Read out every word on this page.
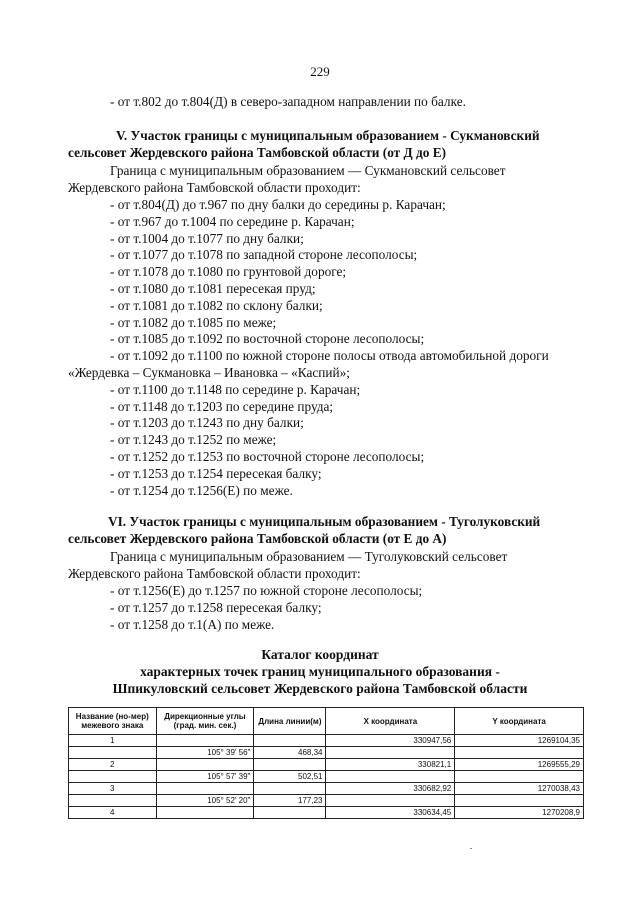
229
- от т.802 до т.804(Д) в северо-западном направлении по балке.
V. Участок границы с муниципальным образованием - Сукмановский
сельсовет Жердевского района Тамбовской области (от Д до Е)
Граница с муниципальным образованием — Сукмановский сельсовет
Жердевского района Тамбовской области проходит:
- от т.804(Д) до т.967 по дну балки до середины р. Карачан;
- от т.967 до т.1004 по середине р. Карачан;
- от т.1004 до т.1077 по дну балки;
- от т.1077 до т.1078 по западной стороне лесополосы;
- от т.1078 до т.1080 по грунтовой дороге;
- от т.1080 до т.1081 пересекая пруд;
- от т.1081 до т.1082 по склону балки;
- от т.1082 до т.1085 по меже;
- от т.1085 до т.1092 по восточной стороне лесополосы;
- от т.1092 до т.1100 по южной стороне полосы отвода автомобильной дороги
«Жердевка – Сукмановка – Ивановка – «Каспий»;
- от т.1100 до т.1148 по середине р. Карачан;
- от т.1148 до т.1203 по середине пруда;
- от т.1203 до т.1243 по дну балки;
- от т.1243 до т.1252 по меже;
- от т.1252 до т.1253 по восточной стороне лесополосы;
- от т.1253 до т.1254 пересекая балку;
- от т.1254 до т.1256(Е) по меже.
VI. Участок границы с муниципальным образованием - Туголуковский
сельсовет Жердевского района Тамбовской области (от Е до А)
Граница с муниципальным образованием — Туголуковский сельсовет
Жердевского района Тамбовской области проходит:
- от т.1256(Е) до т.1257 по южной стороне лесополосы;
- от т.1257 до т.1258 пересекая балку;
- от т.1258 до т.1(А) по меже.
Каталог координат
характерных точек границ муниципального образования -
Шпикуловский сельсовет Жердевского района Тамбовской области
Название (но-мер) межевого знака	Дирекционные углы (град. мин. сек.)	Длина линии(м)	X координата	Y координата
1			330947,56	1269104,35
	105° 39' 56"	468,34		
2			330821,1	1269555,29
	105° 57' 39"	502,51		
3			330682,92	1270038,43
	105° 52' 20"	177,23		
4			330634,45	1270208,9
